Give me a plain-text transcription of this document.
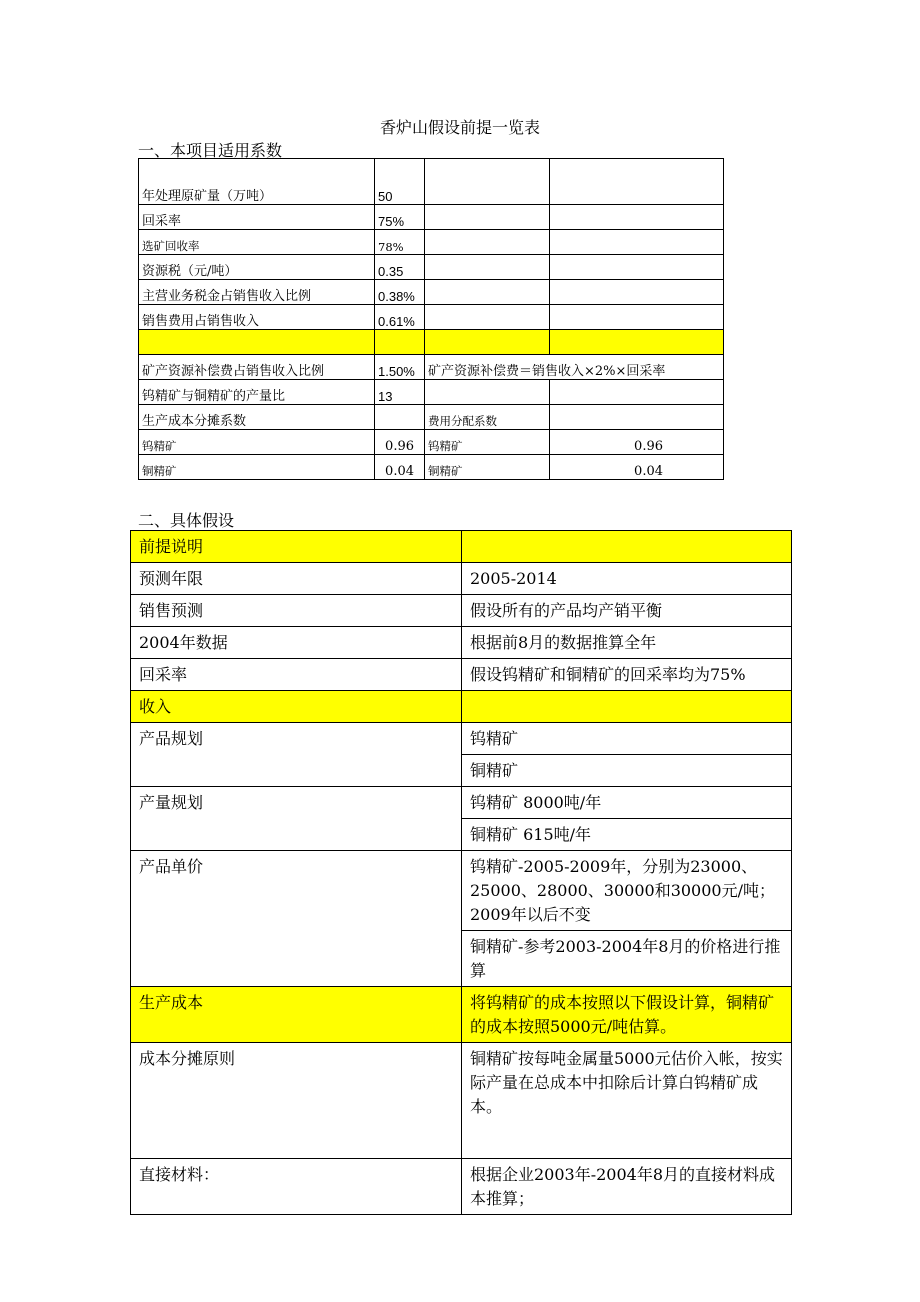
香炉山假设前提一览表
一、本项目适用系数
年处理原矿量（万吨）	50		
回采率	75%		
选矿回收率	78%		
资源税（元/吨）	0.35		
主营业务税金占销售收入比例	0.38%		
销售费用占销售收入	0.61%		

矿产资源补偿费占销售收入比例	1.50%	矿产资源补偿费＝销售收入×2%×回采率	
钨精矿与铜精矿的产量比	13		
生产成本分摊系数		费用分配系数	
钨精矿	0.96	钨精矿	0.96
铜精矿	0.04	铜精矿	0.04
二、具体假设
前提说明	
预测年限	2005-2014
销售预测	假设所有的产品均产销平衡
2004年数据	根据前8月的数据推算全年
回采率	假设钨精矿和铜精矿的回采率均为75%
收入	
产品规划	钨精矿
	铜精矿
产量规划	钨精矿 8000吨/年
	铜精矿 615吨/年
产品单价	钨精矿-2005-2009年，分别为23000、25000、28000、30000和30000元/吨；2009年以后不变
	铜精矿-参考2003-2004年8月的价格进行推算
生产成本	将钨精矿的成本按照以下假设计算，铜精矿的成本按照5000元/吨估算。
成本分摊原则	铜精矿按每吨金属量5000元估价入帐，按实际产量在总成本中扣除后计算白钨精矿成本。
直接材料：	根据企业2003年-2004年8月的直接材料成本推算；
